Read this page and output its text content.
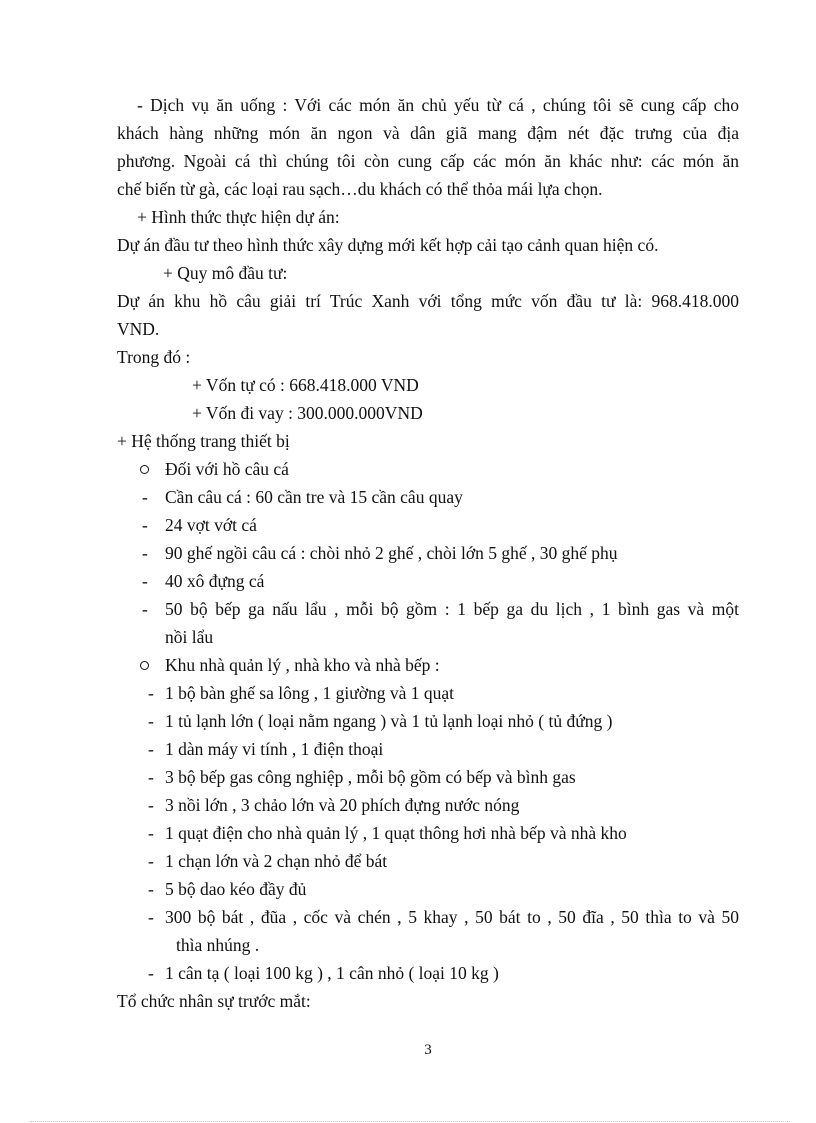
- Dịch vụ ăn uống : Với các món ăn chủ yếu từ cá , chúng tôi sẽ cung cấp cho
khách hàng những món ăn ngon và dân giã mang đậm nét đặc trưng của địa
phương. Ngoài cá thì chúng tôi còn cung cấp các món ăn khác như: các món ăn
chế biến từ gà, các loại rau sạch…du khách có thể thỏa mái lựa chọn.
+ Hình thức thực hiện dự án:
Dự án đầu tư theo hình thức xây dựng mới kết hợp cải tạo cảnh quan hiện có.
+ Quy mô đầu tư:
Dự án khu hồ câu giải trí Trúc Xanh với tổng mức vốn đầu tư là: 968.418.000
VND.
Trong đó :
+ Vốn tự có : 668.418.000 VND
+ Vốn đi vay : 300.000.000VND
+ Hệ thống trang thiết bị
Đối với hồ câu cá
- Cần câu cá : 60 cần tre và 15 cần câu quay
- 24 vợt vớt cá
- 90 ghế ngồi câu cá : chòi nhỏ 2 ghế , chòi lớn 5 ghế , 30 ghế phụ
- 40 xô đựng cá
- 50 bộ bếp ga nấu lẩu , mỗi bộ gồm : 1 bếp ga du lịch , 1 bình gas và một
nồi lẩu
Khu nhà quản lý , nhà kho và nhà bếp :
- 1 bộ bàn ghế sa lông , 1 giường và 1 quạt
- 1 tủ lạnh lớn ( loại nằm ngang ) và 1 tủ lạnh loại nhỏ ( tủ đứng )
- 1 dàn máy vi tính , 1 điện thoại
- 3 bộ bếp gas công nghiệp , mỗi bộ gồm có bếp và bình gas
- 3 nồi lớn , 3 chảo lớn và 20 phích đựng nước nóng
- 1 quạt điện cho nhà quản lý , 1 quạt thông hơi nhà bếp và nhà kho
- 1 chạn lớn và 2 chạn nhỏ để bát
- 5 bộ dao kéo đầy đủ
- 300 bộ bát , đũa , cốc và chén , 5 khay , 50 bát to , 50 đĩa , 50 thìa to và 50
thìa nhúng .
- 1 cân tạ ( loại 100 kg ) , 1 cân nhỏ ( loại 10 kg )
Tổ chức nhân sự trước mắt:
3
